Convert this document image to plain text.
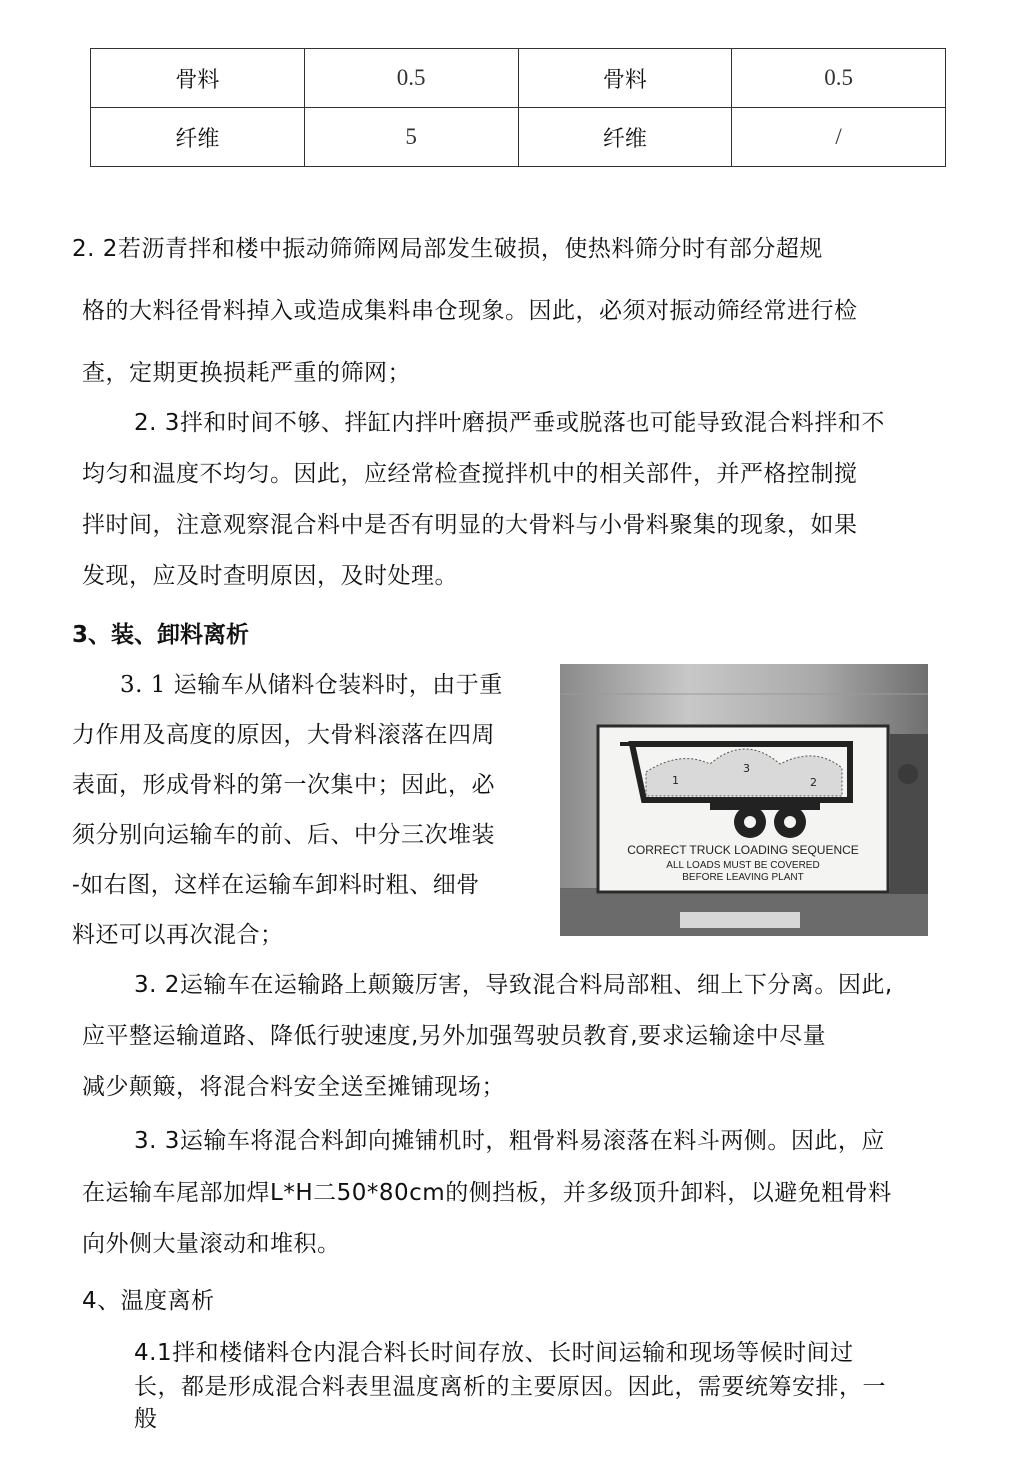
骨料	0.5	骨料	0.5
纤维	5	纤维	/
2. 2若沥青拌和楼中振动筛筛网局部发生破损，使热料筛分时有部分超规
格的大料径骨料掉入或造成集料串仓现象。因此，必须对振动筛经常进行检
查，定期更换损耗严重的筛网；
2. 3拌和时间不够、拌缸内拌叶磨损严垂或脱落也可能导致混合料拌和不
均匀和温度不均匀。因此，应经常检查搅拌机中的相关部件，并严格控制搅
拌时间，注意观察混合料中是否有明显的大骨料与小骨料聚集的现象，如果
发现，应及时查明原因，及时处理。
3、装、卸料离析
3. 1 运输车从储料仓装料时，由于重
力作用及高度的原因，大骨料滚落在四周
表面，形成骨料的第一次集中；因此，必
须分别向运输车的前、后、中分三次堆装
-如右图，这样在运输车卸料时粗、细骨
料还可以再次混合；
1
3
2
CORRECT TRUCK LOADING SEQUENCE
ALL LOADS MUST BE COVERED
BEFORE LEAVING PLANT
3. 2运输车在运输路上颠簸厉害，导致混合料局部粗、细上下分离。因此,
应平整运输道路、降低行驶速度,另外加强驾驶员教育,要求运输途中尽量
减少颠簸，将混合料安全送至摊铺现场；
3. 3运输车将混合料卸向摊铺机时，粗骨料易滚落在料斗两侧。因此，应
在运输车尾部加焊L*H二50*80cm的侧挡板，并多级顶升卸料，以避免粗骨料
向外侧大量滚动和堆积。
4、温度离析
4.1拌和楼储料仓内混合料长时间存放、长时间运输和现场等候时间过
长，都是形成混合料表里温度离析的主要原因。因此，需要统筹安排，一
般
